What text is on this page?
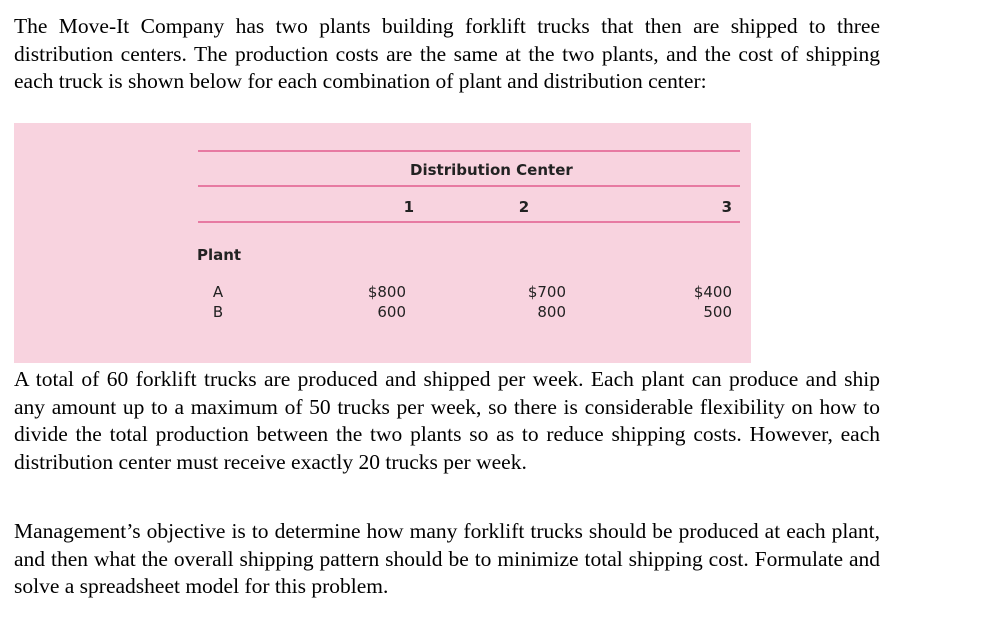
The Move-It Company has two plants building forklift trucks that then are shipped to three distribution centers. The production costs are the same at the two plants, and the cost of shipping each truck is shown below for each combination of plant and distribution center:

Distribution Center
1	2	3
Plant
A	$800	$700	$400
B	600	800	500

A total of 60 forklift trucks are produced and shipped per week. Each plant can produce and ship any amount up to a maximum of 50 trucks per week, so there is considerable flexibility on how to divide the total production between the two plants so as to reduce shipping costs. However, each distribution center must receive exactly 20 trucks per week.

Management’s objective is to determine how many forklift trucks should be produced at each plant, and then what the overall shipping pattern should be to minimize total shipping cost. Formulate and solve a spreadsheet model for this problem.
